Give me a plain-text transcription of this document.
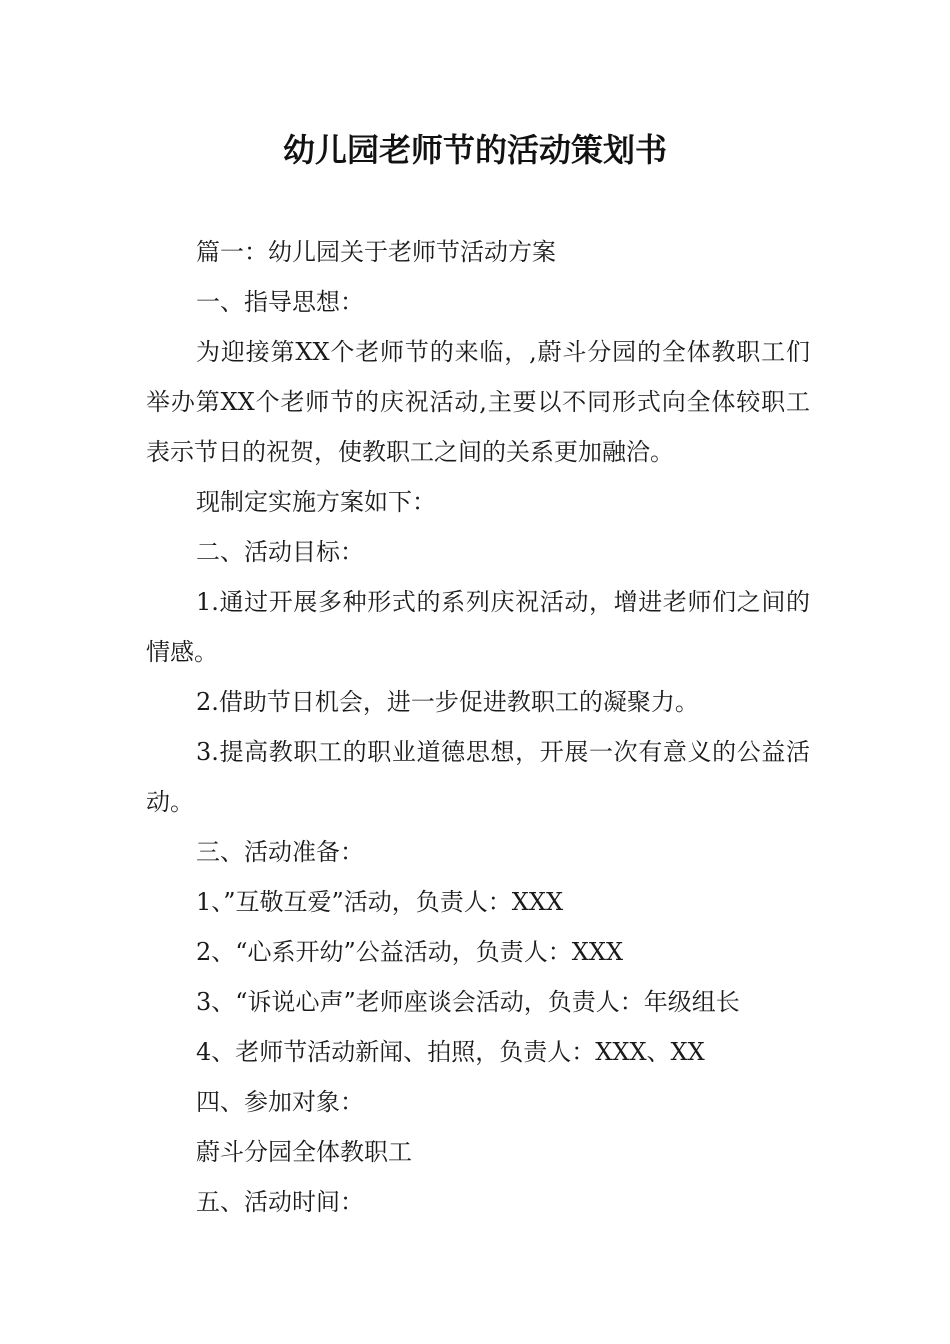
幼儿园老师节的活动策划书

篇一：幼儿园关于老师节活动方案

一、指导思想：

为迎接第XX个老师节的来临，,蔚斗分园的全体教职工们举办第XX个老师节的庆祝活动,主要以不同形式向全体较职工表示节日的祝贺，使教职工之间的关系更加融洽。

现制定实施方案如下：

二、活动目标：

1.通过开展多种形式的系列庆祝活动，增进老师们之间的情感。

2.借助节日机会，进一步促进教职工的凝聚力。

3.提高教职工的职业道德思想，开展一次有意义的公益活动。

三、活动准备：

1、”互敬互爱”活动，负责人：XXX

2、“心系开幼”公益活动，负责人：XXX

3、“诉说心声”老师座谈会活动，负责人：年级组长

4、老师节活动新闻、拍照，负责人：XXX、XX

四、参加对象：

蔚斗分园全体教职工

五、活动时间：
